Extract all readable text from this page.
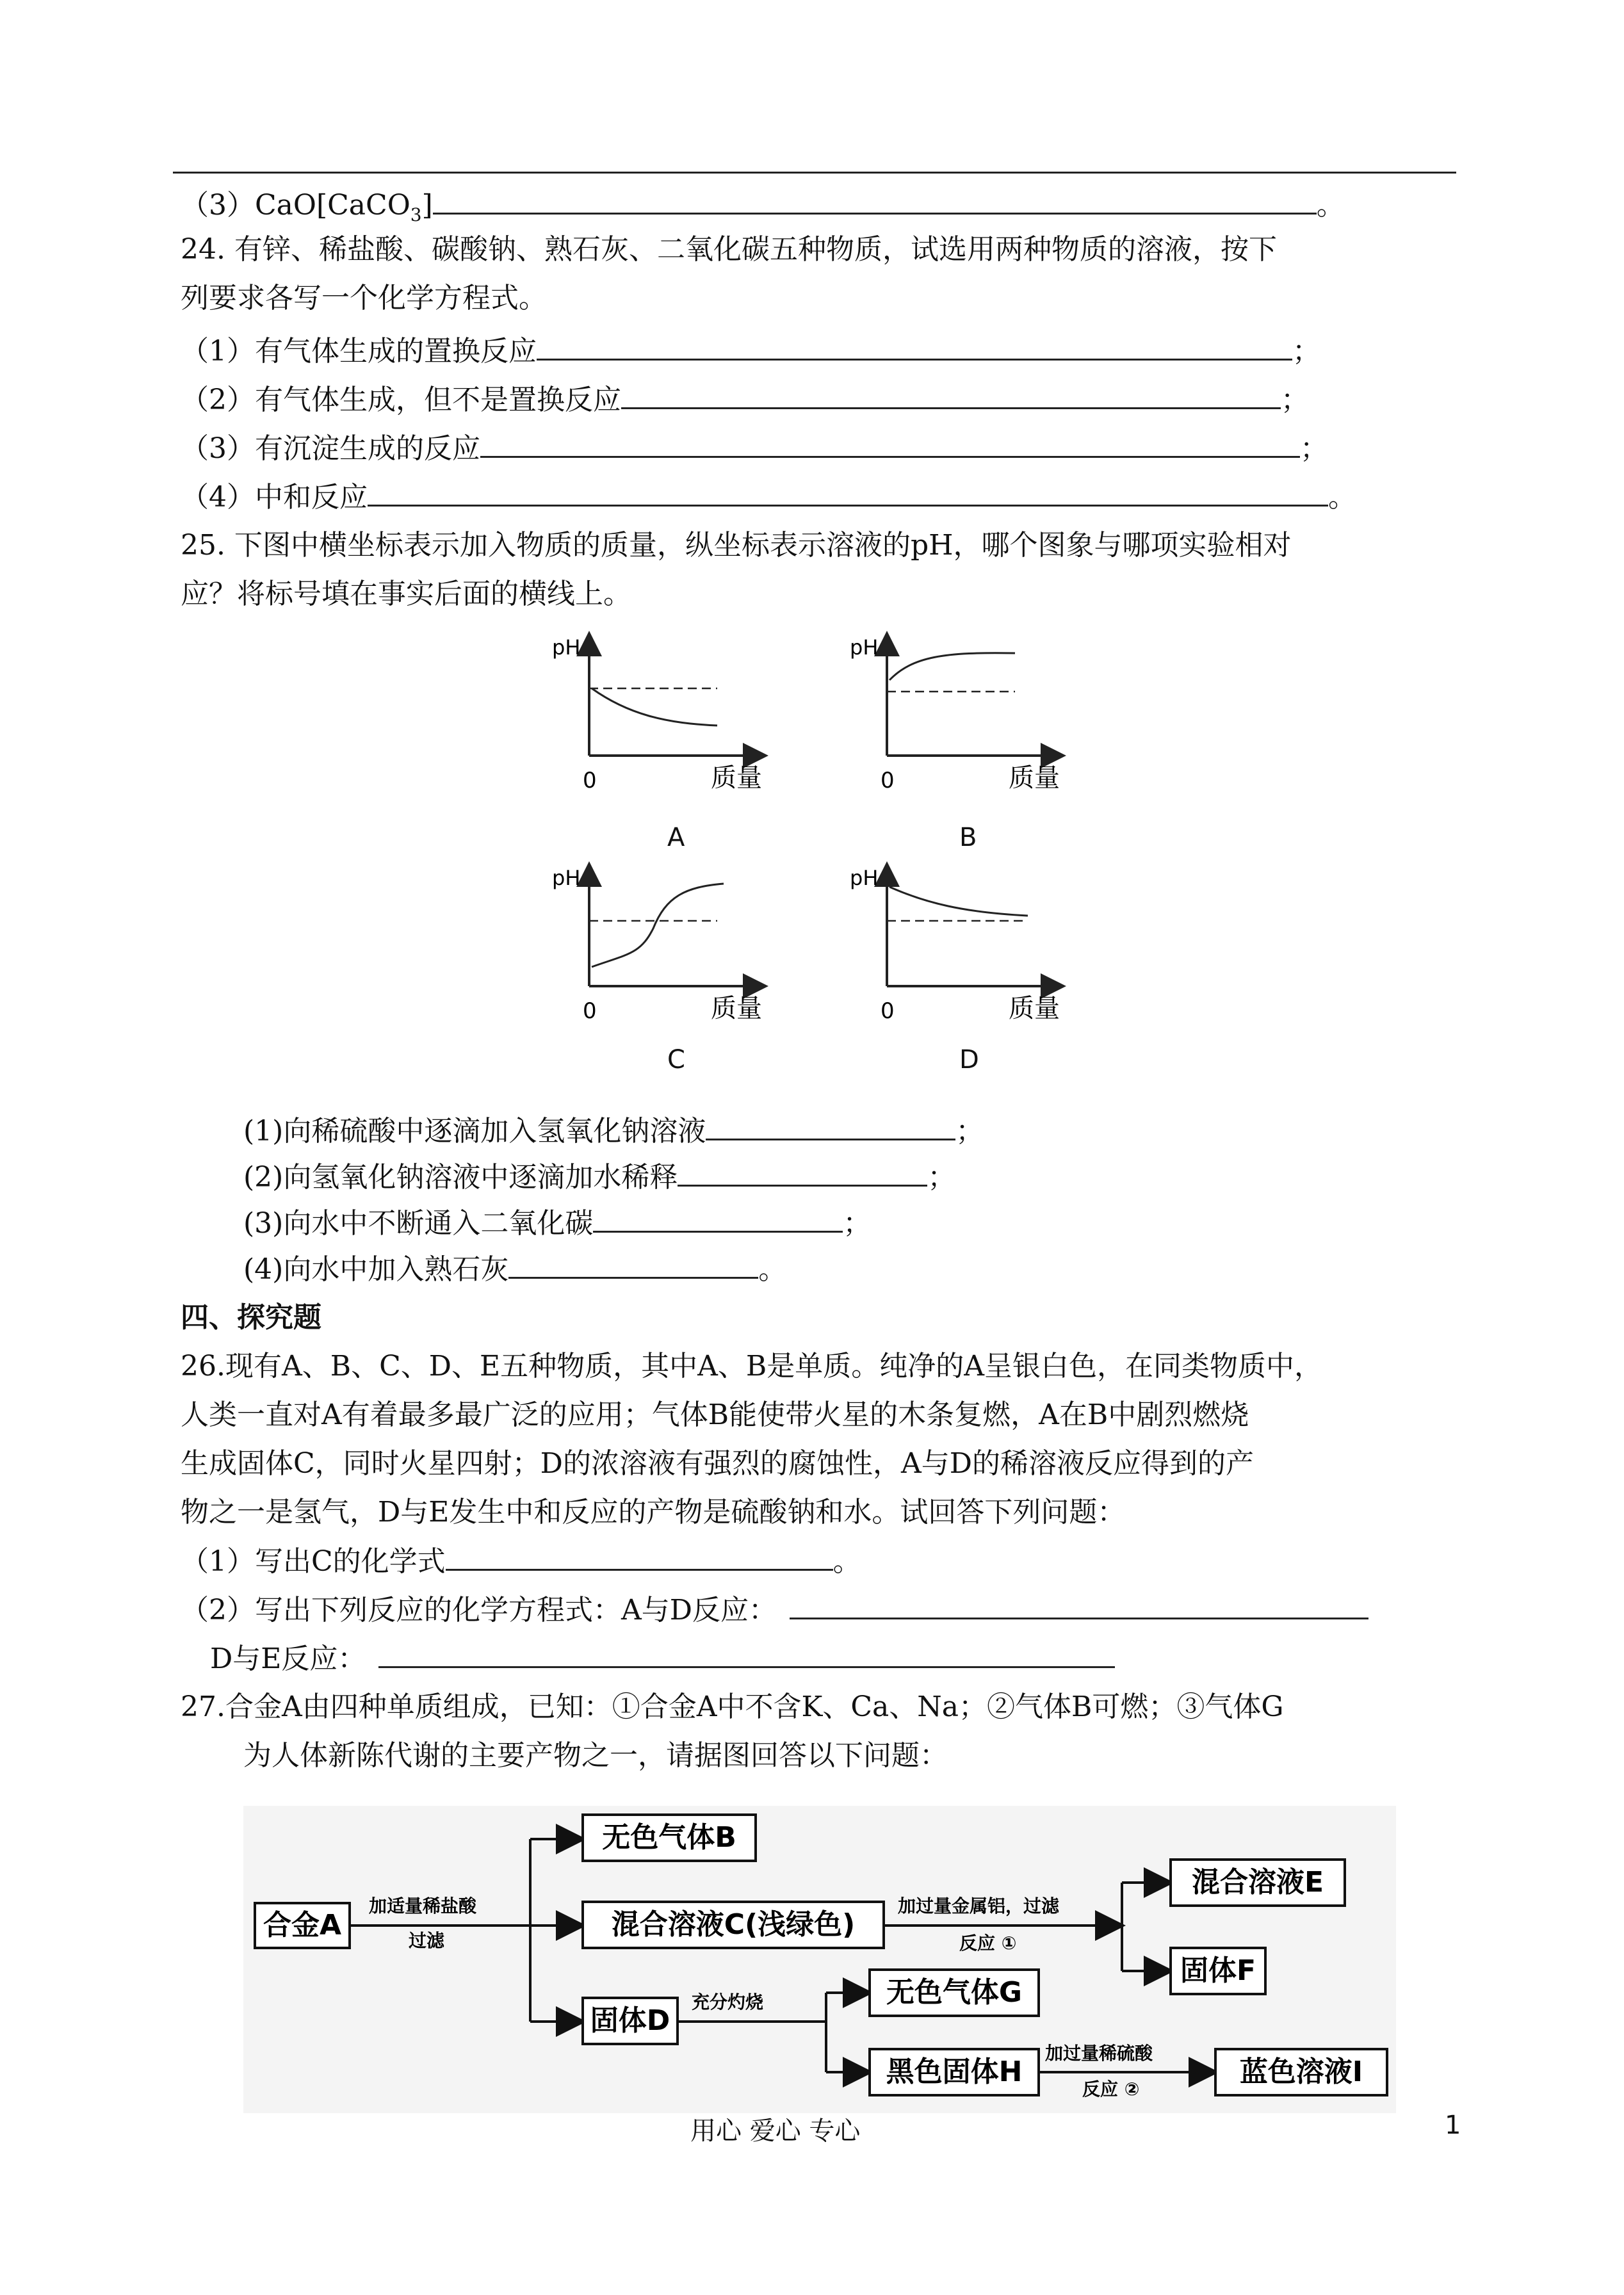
（3）CaO[CaCO$_3$]	。
24. 有锌、稀盐酸、碳酸钠、熟石灰、二氧化碳五种物质，试选用两种物质的溶液，按下
列要求各写一个化学方程式。
（1）有气体生成的置换反应	；
（2）有气体生成，但不是置换反应	；
（3）有沉淀生成的反应	；
（4）中和反应	。
25. 下图中横坐标表示加入物质的质量，纵坐标表示溶液的pH，哪个图象与哪项实验相对
应？将标号填在事实后面的横线上。
pH
0	质量
pH
0	质量
pH
0	质量
pH
0	质量
A	B
C	D
(1)向稀硫酸中逐滴加入氢氧化钠溶液	；
(2)向氢氧化钠溶液中逐滴加水稀释	；
(3)向水中不断通入二氧化碳	；
(4)向水中加入熟石灰	。
四、探究题
26.现有A、B、C、D、E五种物质，其中A、B是单质。纯净的A呈银白色，在同类物质中，
人类一直对A有着最多最广泛的应用；气体B能使带火星的木条复燃，A在B中剧烈燃烧
生成固体C，同时火星四射；D的浓溶液有强烈的腐蚀性，A与D的稀溶液反应得到的产
物之一是氢气，D与E发生中和反应的产物是硫酸钠和水。试回答下列问题：
（1）写出C的化学式	。
（2）写出下列反应的化学方程式：A与D反应：
D与E反应：
27.合金A由四种单质组成，已知：①合金A中不含K、Ca、Na；②气体B可燃；③气体G
为人体新陈代谢的主要产物之一，请据图回答以下问题：
合金A
加适量稀盐酸
过滤
无色气体B
混合溶液C(浅绿色)
加过量金属铝，过滤
反应 ①
混合溶液E
固体F
固体D
充分灼烧	无色气体G
黑色固体H
加过量稀硫酸
反应 ②
蓝色溶液I
用心 爱心 专心	1
